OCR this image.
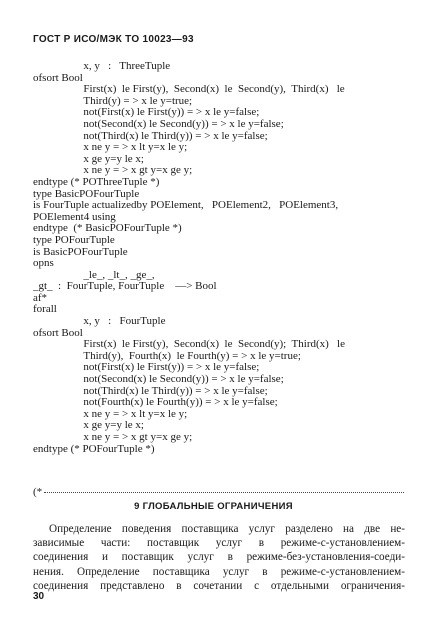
ГОСТ Р ИСО/МЭК ТО 10023—93
x, y   :   ThreeTuple
ofsort Bool
First(x)  le First(y),  Second(x)  le  Second(y),  Third(x)   le
Third(y) = > x le y=true;
not(First(x) le First(y)) = > x le y=false;
not(Second(x) le Second(y)) = > x le y=false;
not(Third(x) le Third(y)) = > x le y=false;
x ne y = > x lt y=x le y;
x ge y=y le x;
x ne y = > x gt y=x ge y;
endtype (* POThreeTuple *)
type BasicPOFourTuple
is FourTuple actualizedby POElement,   POElement2,   POElement3,
POElement4 using
endtype  (* BasicPOFourTuple *)
type POFourTuple
is BasicPOFourTuple
opns
_le_, _lt_, _ge_,
_gt_  :  FourTuple, FourTuple    —> Bool
af*
forall
x, y   :   FourTuple
ofsort Bool
First(x)  le First(y),  Second(x)  le  Second(y);  Third(x)   le
Third(y),  Fourth(x)  le Fourth(y) = > x le y=true;
not(First(x) le First(y)) = > x le y=false;
not(Second(x) le Second(y)) = > x le y=false;
not(Third(x) le Third(y)) = > x le y=false;
not(Fourth(x) le Fourth(y)) = > x le y=false;
x ne y = > x lt y=x le y;
x ge y=y le x;
x ne y = > x gt y=x ge y;
endtype (* POFourTuple *)
(*
9 ГЛОБАЛЬНЫЕ ОГРАНИЧЕНИЯ
Определение поведения поставщика услуг разделено на две не-
зависимые части: поставщик услуг в режиме-с-установлением-
соединения и поставщик услуг в режиме-без-установления-соеди-
нения. Определение поставщика услуг в режиме-с-установлением-
соединения представлено в сочетании с отдельными ограничения-
30
